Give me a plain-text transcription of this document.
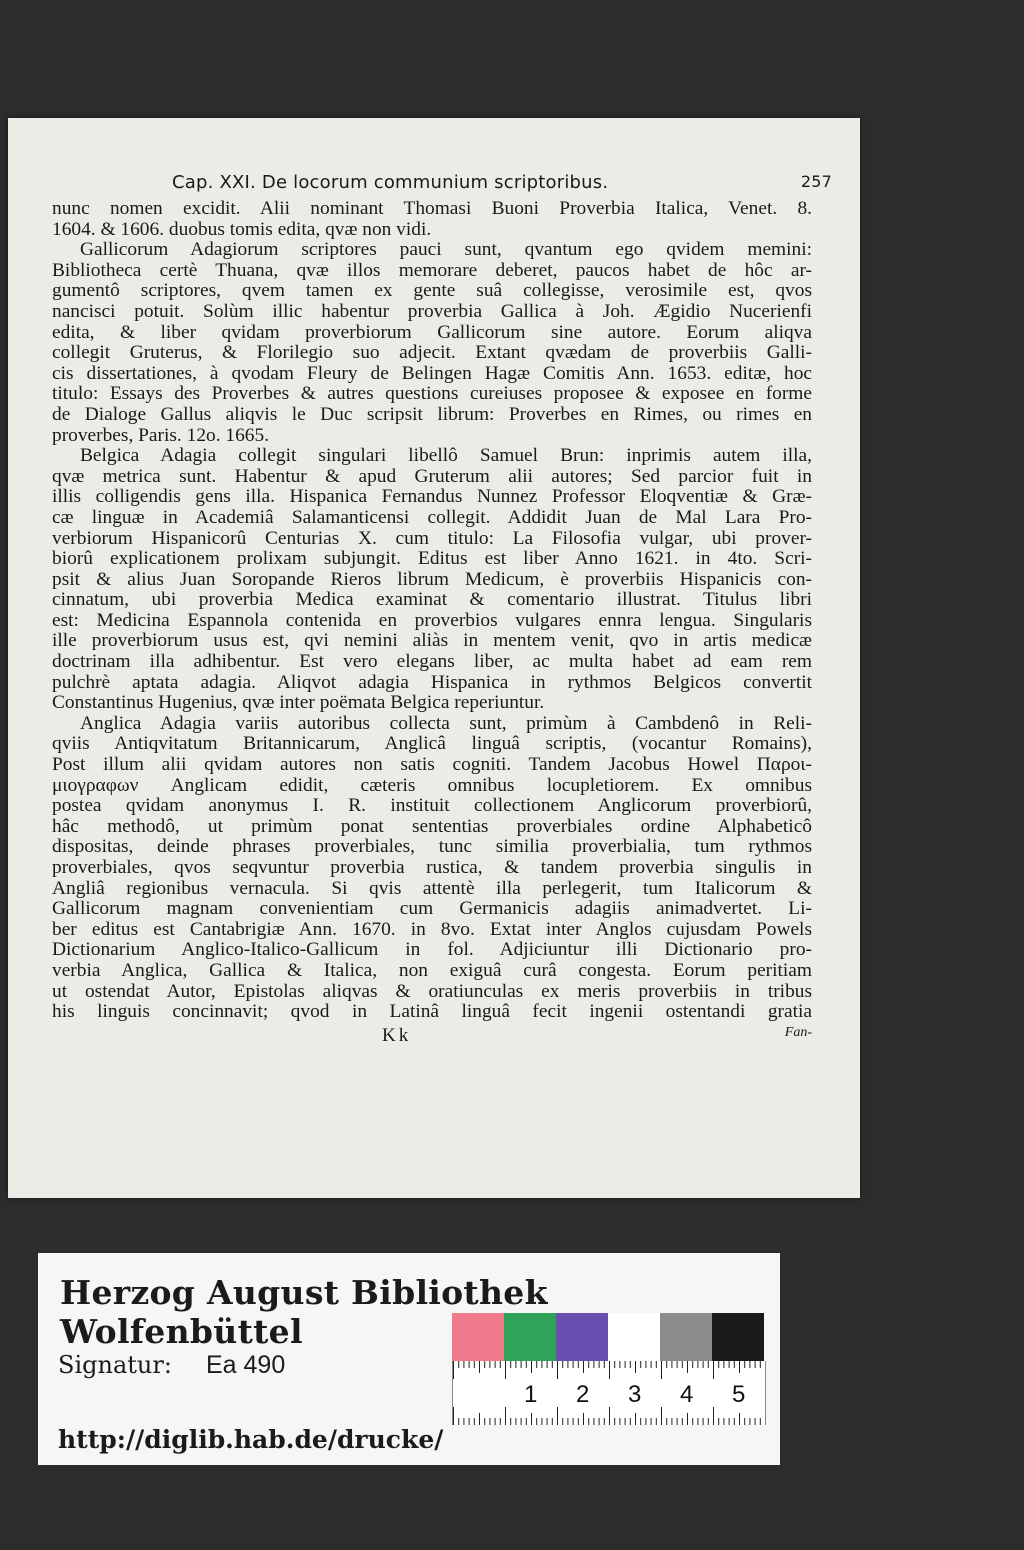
Cap. XXI. De locorum communium scriptoribus.	257
nunc nomen excidit. Alii nominant Thomasi Buoni Proverbia Italica, Venet. 8.
1604. & 1606. duobus tomis edita, qvæ non vidi.
Gallicorum Adagiorum scriptores pauci sunt, qvantum ego qvidem memini:
Bibliotheca certè Thuana, qvæ illos memorare deberet, paucos habet de hôc ar-
gumentô scriptores, qvem tamen ex gente suâ collegisse, verosimile est, qvos
nancisci potuit. Solùm illic habentur proverbia Gallica à Joh. Ægidio Nucerienfi
edita, & liber qvidam proverbiorum Gallicorum sine autore. Eorum aliqva
collegit Gruterus, & Florilegio suo adjecit. Extant qvædam de proverbiis Galli-
cis dissertationes, à qvodam Fleury de Belingen Hagæ Comitis Ann. 1653. editæ, hoc
titulo: Essays des Proverbes & autres questions cureiuses proposee & exposee en forme
de Dialoge Gallus aliqvis le Duc scripsit librum: Proverbes en Rimes, ou rimes en
proverbes, Paris. 12o. 1665.
Belgica Adagia collegit singulari libellô Samuel Brun: inprimis autem illa,
qvæ metrica sunt. Habentur & apud Gruterum alii autores; Sed parcior fuit in
illis colligendis gens illa. Hispanica Fernandus Nunnez Professor Eloqventiæ & Græ-
cæ linguæ in Academiâ Salamanticensi collegit. Addidit Juan de Mal Lara Pro-
verbiorum Hispanicorû Centurias X. cum titulo: La Filosofia vulgar, ubi prover-
biorû explicationem prolixam subjungit. Editus est liber Anno 1621. in 4to. Scri-
psit & alius Juan Soropande Rieros librum Medicum, è proverbiis Hispanicis con-
cinnatum, ubi proverbia Medica examinat & comentario illustrat. Titulus libri
est: Medicina Espannola contenida en proverbios vulgares ennra lengua. Singularis
ille proverbiorum usus est, qvi nemini aliàs in mentem venit, qvo in artis medicæ
doctrinam illa adhibentur. Est vero elegans liber, ac multa habet ad eam rem
pulchrè aptata adagia. Aliqvot adagia Hispanica in rythmos Belgicos convertit
Constantinus Hugenius, qvæ inter poëmata Belgica reperiuntur.
Anglica Adagia variis autoribus collecta sunt, primùm à Cambdenô in Reli-
qviis Antiqvitatum Britannicarum, Anglicâ linguâ scriptis, (vocantur Romains),
Post illum alii qvidam autores non satis cogniti. Tandem Jacobus Howel Παροι-
μιογραφων Anglicam edidit, cæteris omnibus locupletiorem. Ex omnibus
postea qvidam anonymus I. R. instituit collectionem Anglicorum proverbiorû,
hâc methodô, ut primùm ponat sententias proverbiales ordine Alphabeticô
dispositas, deinde phrases proverbiales, tunc similia proverbialia, tum rythmos
proverbiales, qvos seqvuntur proverbia rustica, & tandem proverbia singulis in
Angliâ regionibus vernacula. Si qvis attentè illa perlegerit, tum Italicorum &
Gallicorum magnam convenientiam cum Germanicis adagiis animadvertet. Li-
ber editus est Cantabrigiæ Ann. 1670. in 8vo. Extat inter Anglos cujusdam Powels
Dictionarium Anglico-Italico-Gallicum in fol. Adjiciuntur illi Dictionario pro-
verbia Anglica, Gallica & Italica, non exiguâ curâ congesta. Eorum peritiam
ut ostendat Autor, Epistolas aliqvas & oratiunculas ex meris proverbiis in tribus
his linguis concinnavit; qvod in Latinâ linguâ fecit ingenii ostentandi gratia
Kk	Fan-
Herzog August Bibliothek Wolfenbüttel
1 2 3 4 5
Signatur: Ea 490
http://diglib.hab.de/drucke/
